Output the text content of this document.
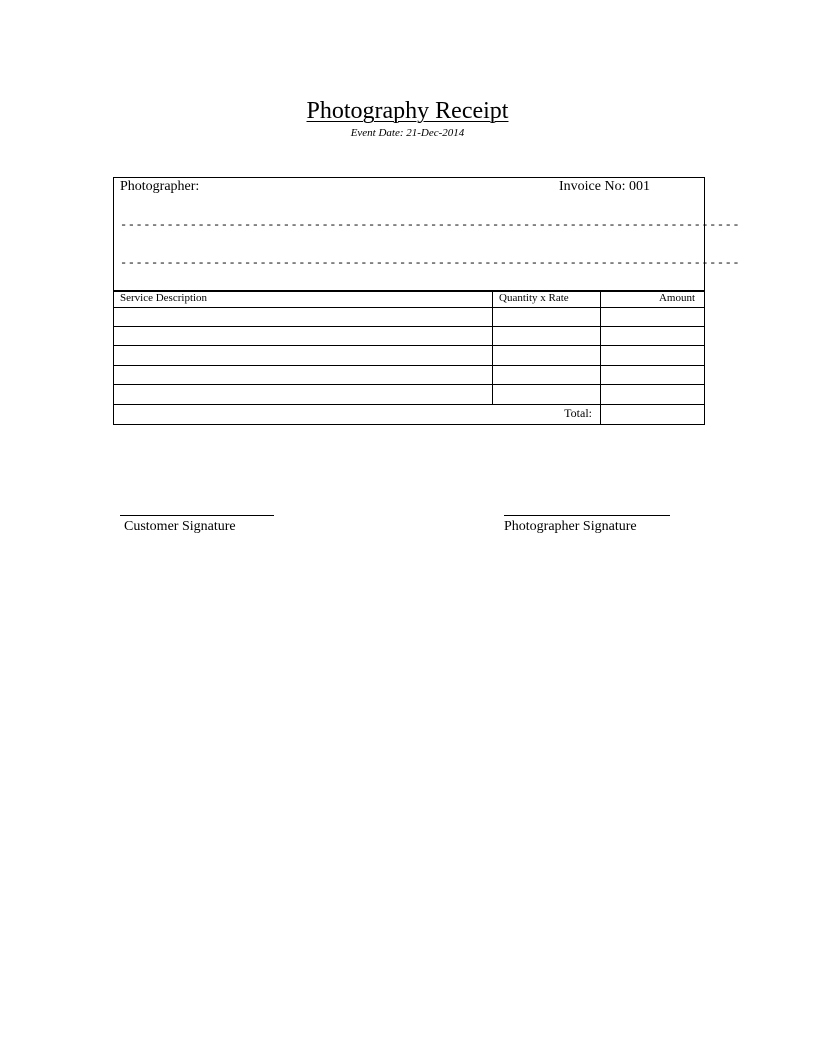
Photography Receipt
Event Date: 21-Dec-2014
Photographer:	Invoice No: 001
--------------------------------------------------------------------------------
--------------------------------------------------------------------------------
Service Description	Quantity x Rate	Amount
Total:
Customer Signature	Photographer Signature
